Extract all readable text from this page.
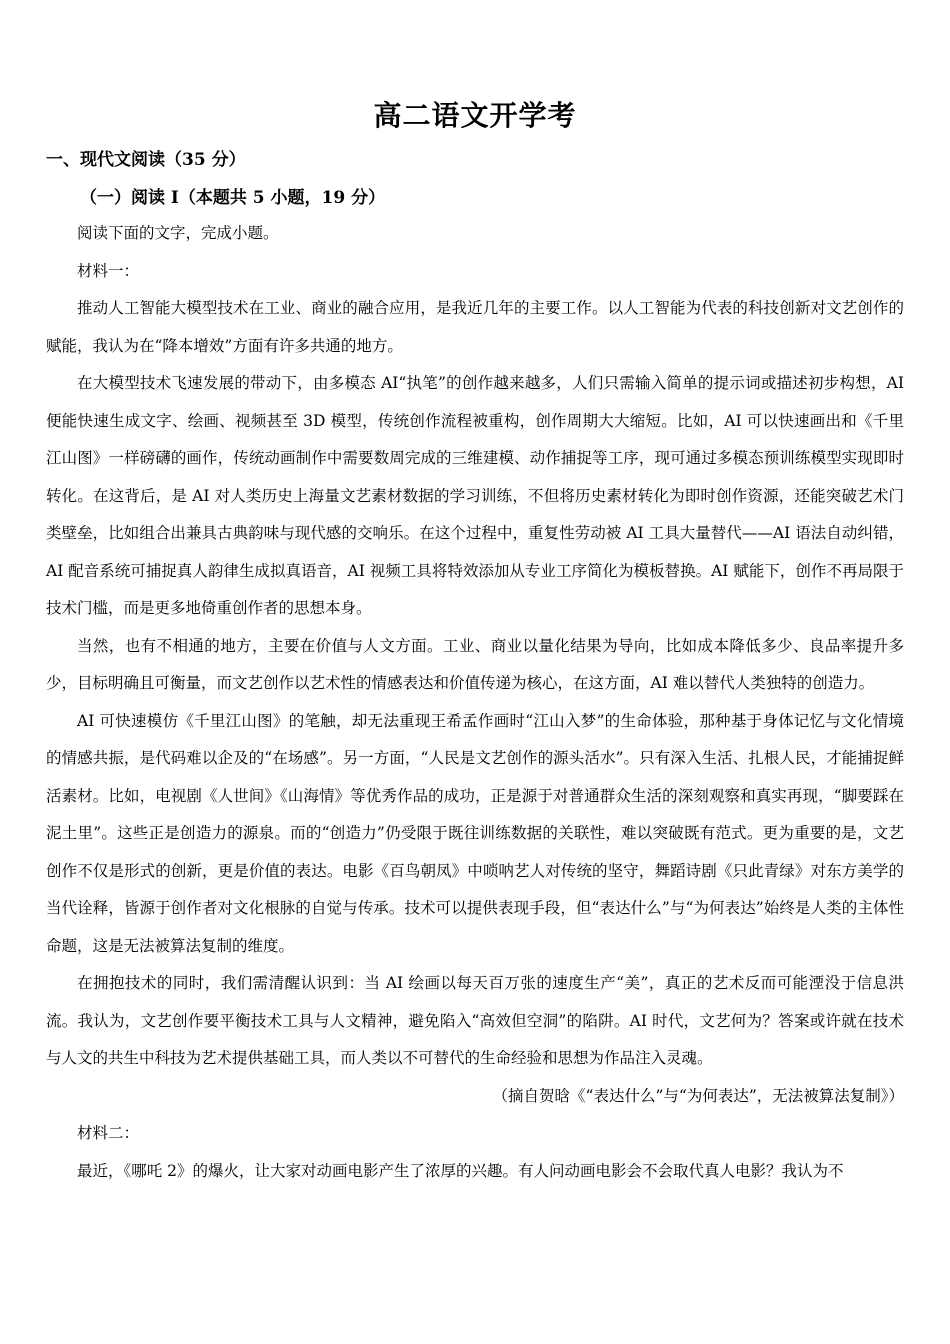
高二语文开学考
一、现代文阅读（35 分）
（一）阅读 I（本题共 5 小题，19 分）

阅读下面的文字，完成小题。

材料一：

推动人工智能大模型技术在工业、商业的融合应用，是我近几年的主要工作。以人工智能为代表的科技创新对文艺创作的赋能，我认为在“降本增效”方面有许多共通的地方。

在大模型技术飞速发展的带动下，由多模态 AI“执笔”的创作越来越多，人们只需输入简单的提示词或描述初步构想，AI 便能快速生成文字、绘画、视频甚至 3D 模型，传统创作流程被重构，创作周期大大缩短。比如，AI 可以快速画出和《千里江山图》一样磅礴的画作，传统动画制作中需要数周完成的三维建模、动作捕捉等工序，现可通过多模态预训练模型实现即时转化。在这背后，是 AI 对人类历史上海量文艺素材数据的学习训练，不但将历史素材转化为即时创作资源，还能突破艺术门类壁垒，比如组合出兼具古典韵味与现代感的交响乐。在这个过程中，重复性劳动被 AI 工具大量替代——AI 语法自动纠错，AI 配音系统可捕捉真人韵律生成拟真语音，AI 视频工具将特效添加从专业工序简化为模板替换。AI 赋能下，创作不再局限于技术门槛，而是更多地倚重创作者的思想本身。

当然，也有不相通的地方，主要在价值与人文方面。工业、商业以量化结果为导向，比如成本降低多少、良品率提升多少，目标明确且可衡量，而文艺创作以艺术性的情感表达和价值传递为核心，在这方面，AI 难以替代人类独特的创造力。

AI 可快速模仿《千里江山图》的笔触，却无法重现王希孟作画时“江山入梦”的生命体验，那种基于身体记忆与文化情境的情感共振，是代码难以企及的“在场感”。另一方面，“人民是文艺创作的源头活水”。只有深入生活、扎根人民，才能捕捉鲜活素材。比如，电视剧《人世间》《山海情》等优秀作品的成功，正是源于对普通群众生活的深刻观察和真实再现，“脚要踩在泥土里”。这些正是创造力的源泉。而的“创造力”仍受限于既往训练数据的关联性，难以突破既有范式。更为重要的是，文艺创作不仅是形式的创新，更是价值的表达。电影《百鸟朝凤》中唢呐艺人对传统的坚守，舞蹈诗剧《只此青绿》对东方美学的当代诠释，皆源于创作者对文化根脉的自觉与传承。技术可以提供表现手段，但“表达什么”与“为何表达”始终是人类的主体性命题，这是无法被算法复制的维度。

在拥抱技术的同时，我们需清醒认识到：当 AI 绘画以每天百万张的速度生产“美”，真正的艺术反而可能湮没于信息洪流。我认为，文艺创作要平衡技术工具与人文精神，避免陷入“高效但空洞”的陷阱。AI 时代，文艺何为？答案或许就在技术与人文的共生中科技为艺术提供基础工具，而人类以不可替代的生命经验和思想为作品注入灵魂。

（摘自贺晗《“表达什么”与“为何表达”，无法被算法复制》）

材料二：

最近，《哪吒 2》的爆火，让大家对动画电影产生了浓厚的兴趣。有人问动画电影会不会取代真人电影？我认为不
